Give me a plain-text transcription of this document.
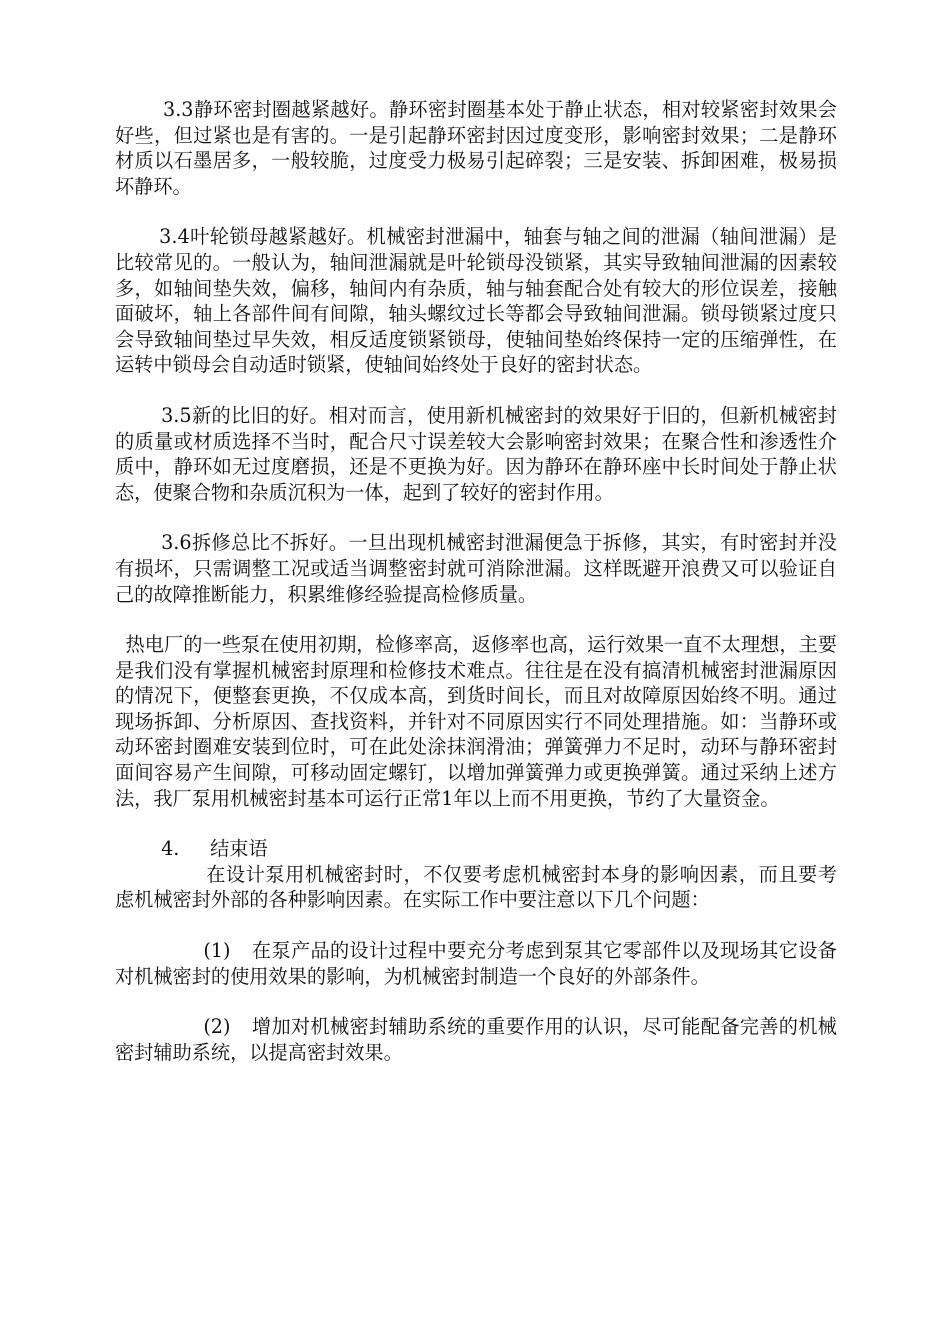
3.3静环密封圈越紧越好。静环密封圈基本处于静止状态，相对较紧密封效果会好些，但过紧也是有害的。一是引起静环密封因过度变形，影响密封效果；二是静环材质以石墨居多，一般较脆，过度受力极易引起碎裂；三是安装、拆卸困难，极易损坏静环。

3.4叶轮锁母越紧越好。机械密封泄漏中，轴套与轴之间的泄漏（轴间泄漏）是比较常见的。一般认为，轴间泄漏就是叶轮锁母没锁紧，其实导致轴间泄漏的因素较多，如轴间垫失效，偏移，轴间内有杂质，轴与轴套配合处有较大的形位误差，接触面破坏，轴上各部件间有间隙，轴头螺纹过长等都会导致轴间泄漏。锁母锁紧过度只会导致轴间垫过早失效，相反适度锁紧锁母，使轴间垫始终保持一定的压缩弹性，在运转中锁母会自动适时锁紧，使轴间始终处于良好的密封状态。

3.5新的比旧的好。相对而言，使用新机械密封的效果好于旧的，但新机械密封的质量或材质选择不当时，配合尺寸误差较大会影响密封效果；在聚合性和渗透性介质中，静环如无过度磨损，还是不更换为好。因为静环在静环座中长时间处于静止状态，使聚合物和杂质沉积为一体，起到了较好的密封作用。

3.6拆修总比不拆好。一旦出现机械密封泄漏便急于拆修，其实，有时密封并没有损坏，只需调整工况或适当调整密封就可消除泄漏。这样既避开浪费又可以验证自己的故障推断能力，积累维修经验提高检修质量。

热电厂的一些泵在使用初期，检修率高，返修率也高，运行效果一直不太理想，主要是我们没有掌握机械密封原理和检修技术难点。往往是在没有搞清机械密封泄漏原因的情况下，便整套更换，不仅成本高，到货时间长，而且对故障原因始终不明。通过现场拆卸、分析原因、查找资料，并针对不同原因实行不同处理措施。如：当静环或动环密封圈难安装到位时，可在此处涂抹润滑油；弹簧弹力不足时，动环与静环密封面间容易产生间隙，可移动固定螺钉，以增加弹簧弹力或更换弹簧。通过采纳上述方法，我厂泵用机械密封基本可运行正常1年以上而不用更换，节约了大量资金。

4. 结束语

在设计泵用机械密封时，不仅要考虑机械密封本身的影响因素，而且要考虑机械密封外部的各种影响因素。在实际工作中要注意以下几个问题：

(1) 在泵产品的设计过程中要充分考虑到泵其它零部件以及现场其它设备对机械密封的使用效果的影响，为机械密封制造一个良好的外部条件。

(2) 增加对机械密封辅助系统的重要作用的认识，尽可能配备完善的机械密封辅助系统，以提高密封效果。
